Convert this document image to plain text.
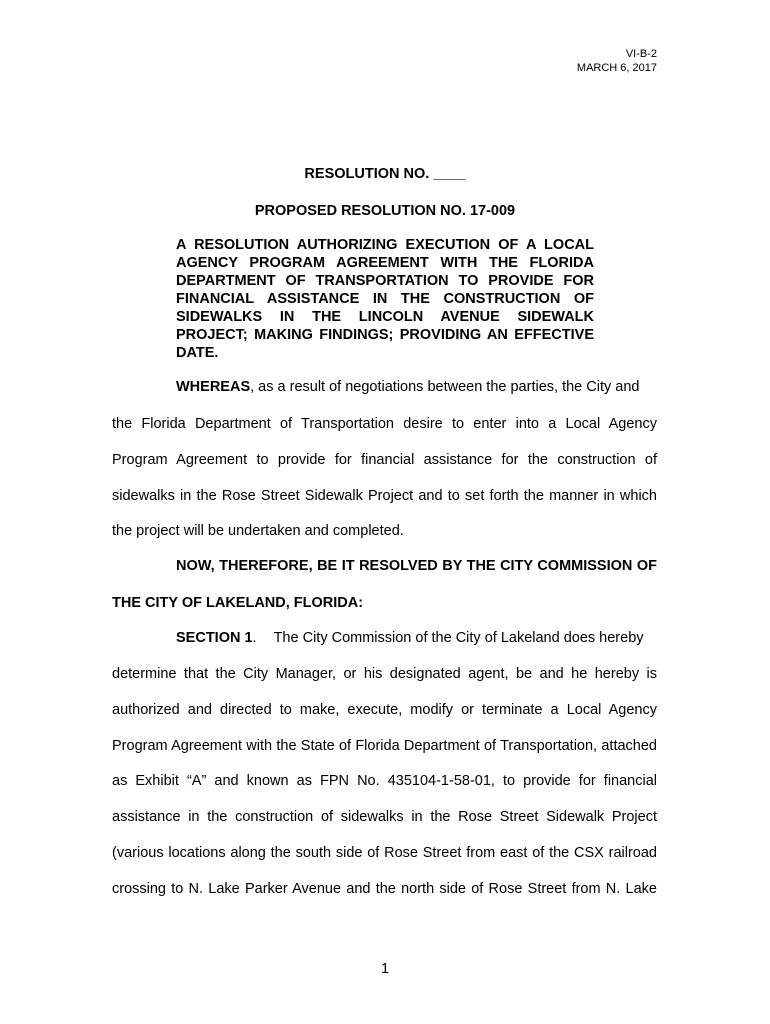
VI-B-2
MARCH 6, 2017
RESOLUTION NO. ____
PROPOSED RESOLUTION NO. 17-009
A RESOLUTION AUTHORIZING EXECUTION OF A LOCAL
AGENCY PROGRAM AGREEMENT WITH THE FLORIDA
DEPARTMENT OF TRANSPORTATION TO PROVIDE FOR
FINANCIAL ASSISTANCE IN THE CONSTRUCTION OF
SIDEWALKS IN THE LINCOLN AVENUE SIDEWALK
PROJECT; MAKING FINDINGS; PROVIDING AN EFFECTIVE
DATE.
WHEREAS, as a result of negotiations between the parties, the City and
the Florida Department of Transportation desire to enter into a Local Agency
Program Agreement to provide for financial assistance for the construction of
sidewalks in the Rose Street Sidewalk Project and to set forth the manner in which
the project will be undertaken and completed.
NOW, THEREFORE, BE IT RESOLVED BY THE CITY COMMISSION OF
THE CITY OF LAKELAND, FLORIDA:
SECTION 1. The City Commission of the City of Lakeland does hereby
determine that the City Manager, or his designated agent, be and he hereby is
authorized and directed to make, execute, modify or terminate a Local Agency
Program Agreement with the State of Florida Department of Transportation, attached
as Exhibit “A” and known as FPN No. 435104-1-58-01, to provide for financial
assistance in the construction of sidewalks in the Rose Street Sidewalk Project
(various locations along the south side of Rose Street from east of the CSX railroad
crossing to N. Lake Parker Avenue and the north side of Rose Street from N. Lake
1
